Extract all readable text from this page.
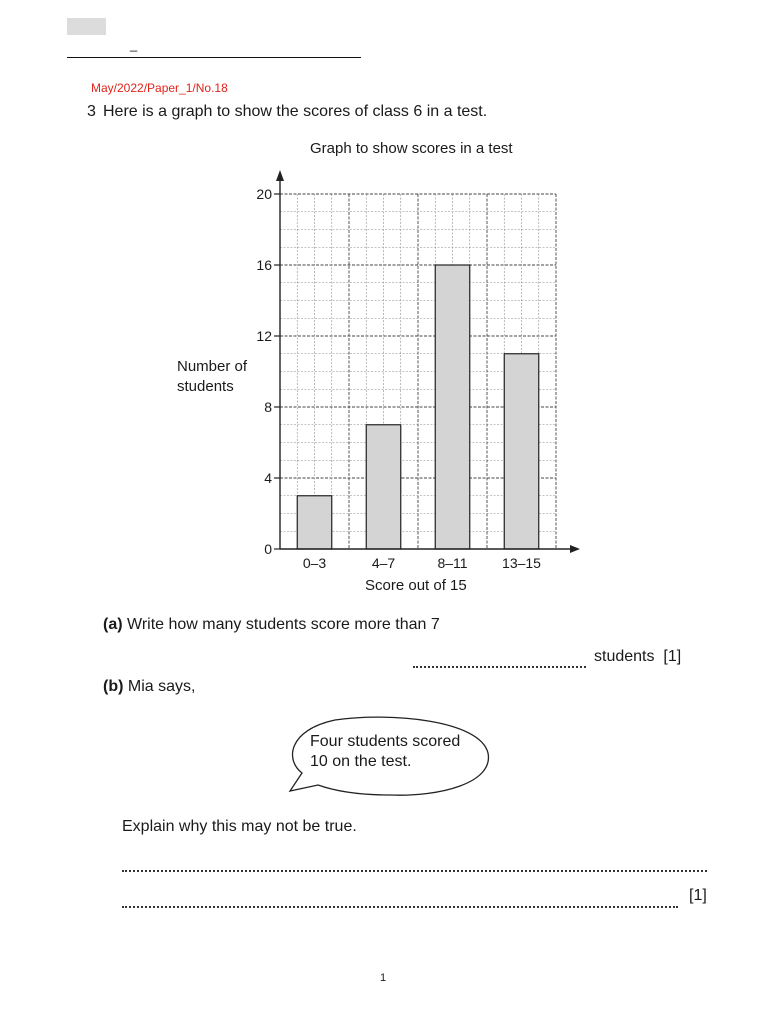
_
May/2022/Paper_1/No.18
3 Here is a graph to show the scores of class 6 in a test.
Graph to show scores in a test
Number of
students
0
4
8
12
16
20
0–3	4–7	8–11 13–15
Score out of 15
(a) Write how many students score more than 7
students [1]
(b) Mia says,
Four students scored
10 on the test.
Explain why this may not be true.
[1]
1
